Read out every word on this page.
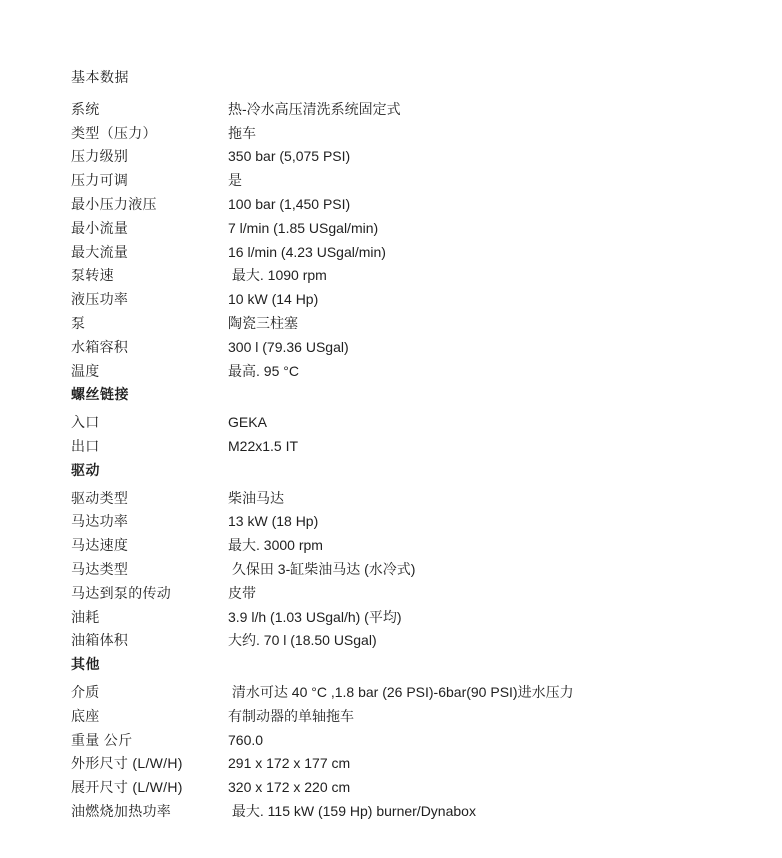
基本数据
系统	热-冷水高压清洗系统固定式
类型（压力）	拖车
压力级别	350 bar (5,075 PSI)
压力可调	是
最小压力液压	100 bar (1,450 PSI)
最小流量	7 l/min (1.85 USgal/min)
最大流量	16 l/min (4.23 USgal/min)
泵转速	最大. 1090 rpm
液压功率	10 kW (14 Hp)
泵	陶瓷三柱塞
水箱容积	300 l (79.36 USgal)
温度	最高. 95 °C
螺丝链接
入口	GEKA
出口	M22x1.5 IT
驱动
驱动类型	柴油马达
马达功率	13 kW (18 Hp)
马达速度	最大. 3000 rpm
马达类型	久保田 3-缸柴油马达 (水冷式)
马达到泵的传动	皮带
油耗	3.9 l/h (1.03 USgal/h) (平均)
油箱体积	大约. 70 l (18.50 USgal)
其他
介质	清水可达 40 °C ,1.8 bar (26 PSI)-6bar(90 PSI)进水压力
底座	有制动器的单轴拖车
重量 公斤	760.0
外形尺寸 (L/W/H)	291 x 172 x 177 cm
展开尺寸 (L/W/H)	320 x 172 x 220 cm
油燃烧加热功率	最大. 115 kW (159 Hp) burner/Dynabox
